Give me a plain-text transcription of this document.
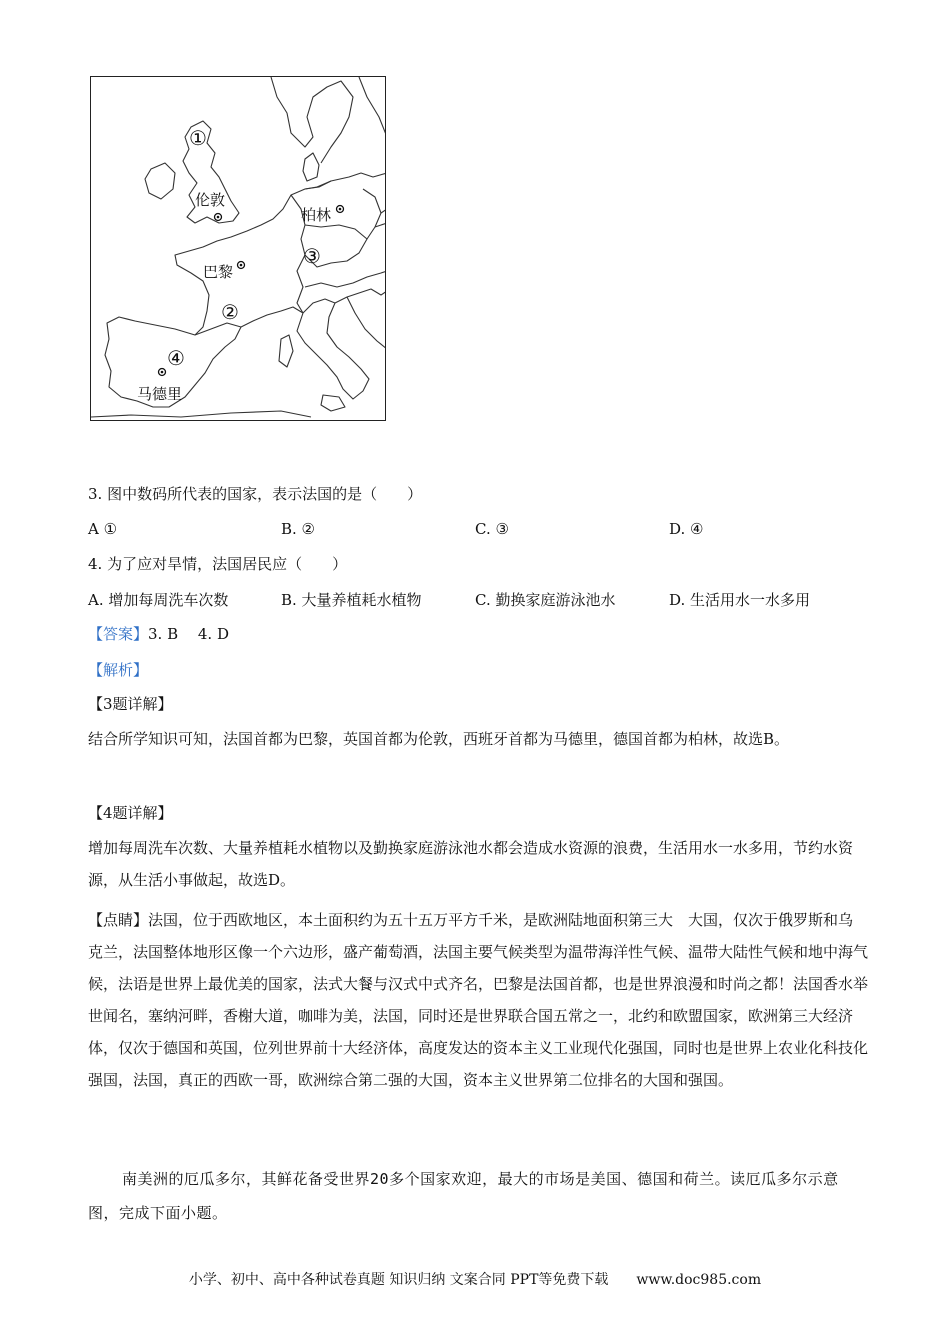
①
伦敦
巴黎
②
柏林
③
④
马德里
3. 图中数码所代表的国家，表示法国的是（　　）
A ①	B. ②	C. ③	D. ④
4. 为了应对旱情，法国居民应（　　）
A. 增加每周洗车次数	B. 大量养植耗水植物	C. 勤换家庭游泳池水	D. 生活用水一水多用
【答案】3. B　 4. D
【解析】
【3题详解】
结合所学知识可知，法国首都为巴黎，英国首都为伦敦，西班牙首都为马德里，德国首都为柏林，故选B。
【4题详解】
增加每周洗车次数、大量养植耗水植物以及勤换家庭游泳池水都会造成水资源的浪费，生活用水一水多用，节约水资源，从生活小事做起，故选D。
【点睛】法国，位于西欧地区，本土面积约为五十五万平方千米，是欧洲陆地面积第三大　大国，仅次于俄罗斯和乌克兰，法国整体地形区像一个六边形，盛产葡萄酒，法国主要气候类型为温带海洋性气候、温带大陆性气候和地中海气候，法语是世界上最优美的国家，法式大餐与汉式中式齐名，巴黎是法国首都，也是世界浪漫和时尚之都！法国香水举世闻名，塞纳河畔，香榭大道，咖啡为美，法国，同时还是世界联合国五常之一，北约和欧盟国家，欧洲第三大经济体，仅次于德国和英国，位列世界前十大经济体，高度发达的资本主义工业现代化强国，同时也是世界上农业化科技化强国，法国，真正的西欧一哥，欧洲综合第二强的大国，资本主义世界第二位排名的大国和强国。
南美洲的厄瓜多尔，其鲜花备受世界20多个国家欢迎，最大的市场是美国、德国和荷兰。读厄瓜多尔示意图，完成下面小题。
小学、初中、高中各种试卷真题 知识归纳 文案合同 PPT等免费下载　　www.doc985.com
